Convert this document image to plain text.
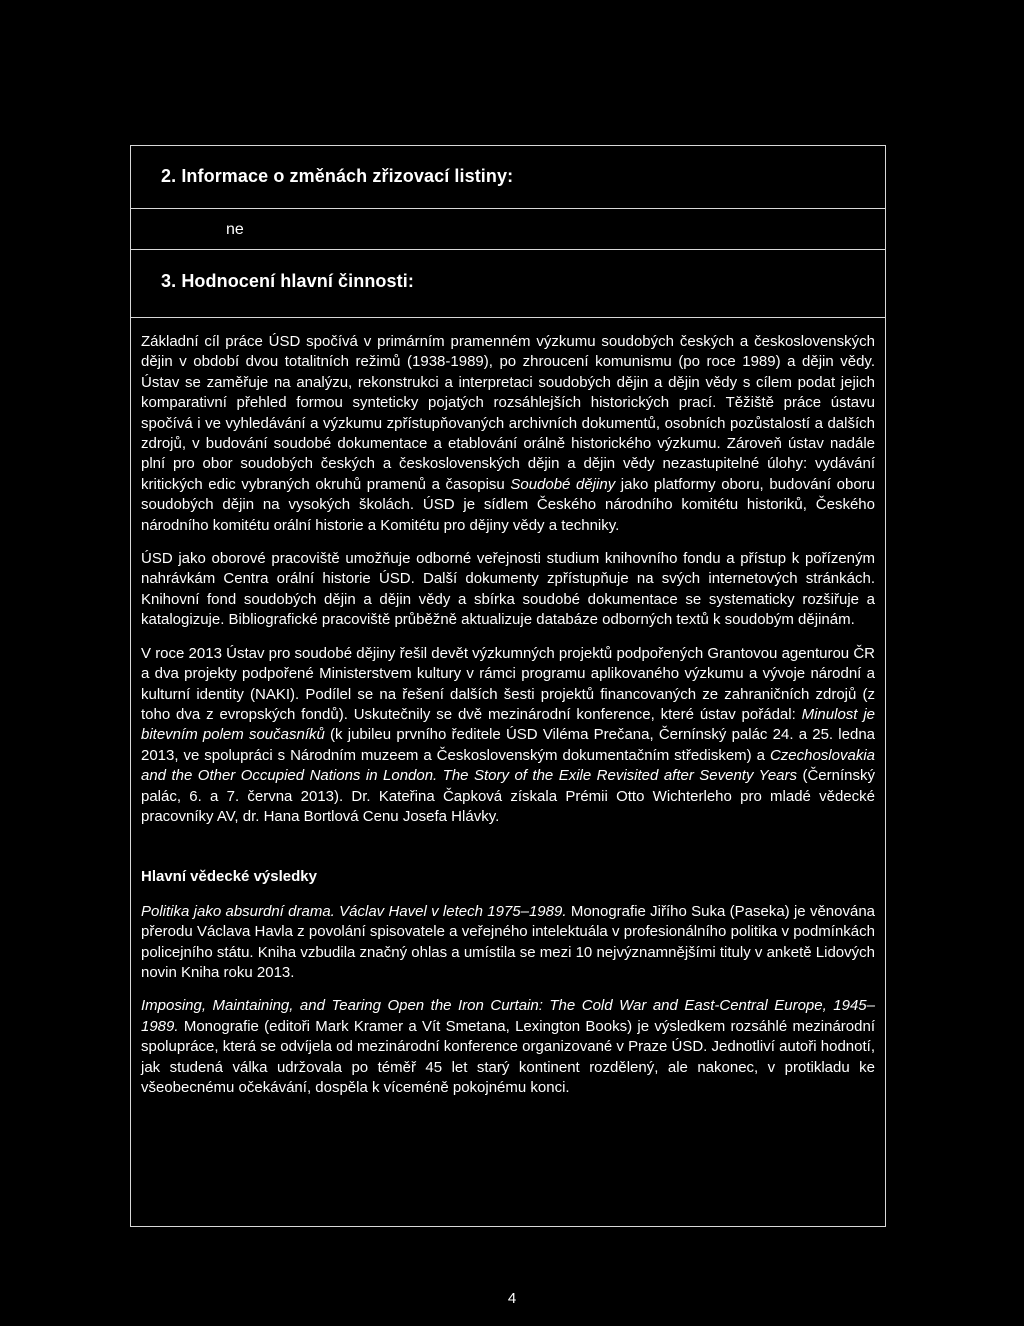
2. Informace o změnách zřizovací listiny:
ne
3. Hodnocení hlavní činnosti:

Základní cíl práce ÚSD spočívá v primárním pramenném výzkumu soudobých českých a československých dějin v období dvou totalitních režimů (1938-1989), po zhroucení komunismu (po roce 1989) a dějin vědy. Ústav se zaměřuje na analýzu, rekonstrukci a interpretaci soudobých dějin a dějin vědy s cílem podat jejich komparativní přehled formou synteticky pojatých rozsáhlejších historických prací. Těžiště práce ústavu spočívá i ve vyhledávání a výzkumu zpřístupňovaných archivních dokumentů, osobních pozůstalostí a dalších zdrojů, v budování soudobé dokumentace a etablování orálně historického výzkumu. Zároveň ústav nadále plní pro obor soudobých českých a československých dějin a dějin vědy nezastupitelné úlohy: vydávání kritických edic vybraných okruhů pramenů a časopisu Soudobé dějiny jako platformy oboru, budování oboru soudobých dějin na vysokých školách. ÚSD je sídlem Českého národního komitétu historiků, Českého národního komitétu orální historie a Komitétu pro dějiny vědy a techniky.

ÚSD jako oborové pracoviště umožňuje odborné veřejnosti studium knihovního fondu a přístup k pořízeným nahrávkám Centra orální historie ÚSD. Další dokumenty zpřístupňuje na svých internetových stránkách. Knihovní fond soudobých dějin a dějin vědy a sbírka soudobé dokumentace se systematicky rozšiřuje a katalogizuje. Bibliografické pracoviště průběžně aktualizuje databáze odborných textů k soudobým dějinám.

V roce 2013 Ústav pro soudobé dějiny řešil devět výzkumných projektů podpořených Grantovou agenturou ČR a dva projekty podpořené Ministerstvem kultury v rámci programu aplikovaného výzkumu a vývoje národní a kulturní identity (NAKI). Podílel se na řešení dalších šesti projektů financovaných ze zahraničních zdrojů (z toho dva z evropských fondů). Uskutečnily se dvě mezinárodní konference, které ústav pořádal: Minulost je bitevním polem současníků (k jubileu prvního ředitele ÚSD Viléma Prečana, Černínský palác 24. a 25. ledna 2013, ve spolupráci s Národním muzeem a Československým dokumentačním střediskem) a Czechoslovakia and the Other Occupied Nations in London. The Story of the Exile Revisited after Seventy Years (Černínský palác, 6. a 7. června 2013). Dr. Kateřina Čapková získala Prémii Otto Wichterleho pro mladé vědecké pracovníky AV, dr. Hana Bortlová Cenu Josefa Hlávky.

Hlavní vědecké výsledky

Politika jako absurdní drama. Václav Havel v letech 1975–1989. Monografie Jiřího Suka (Paseka) je věnována přerodu Václava Havla z povolání spisovatele a veřejného intelektuála v profesionálního politika v podmínkách policejního státu. Kniha vzbudila značný ohlas a umístila se mezi 10 nejvýznamnějšími tituly v anketě Lidových novin Kniha roku 2013.

Imposing, Maintaining, and Tearing Open the Iron Curtain: The Cold War and East-Central Europe, 1945–1989. Monografie (editoři Mark Kramer a Vít Smetana, Lexington Books) je výsledkem rozsáhlé mezinárodní spolupráce, která se odvíjela od mezinárodní konference organizované v Praze ÚSD. Jednotliví autoři hodnotí, jak studená válka udržovala po téměř 45 let starý kontinent rozdělený, ale nakonec, v protikladu ke všeobecnému očekávání, dospěla k víceméně pokojnému konci.

4
